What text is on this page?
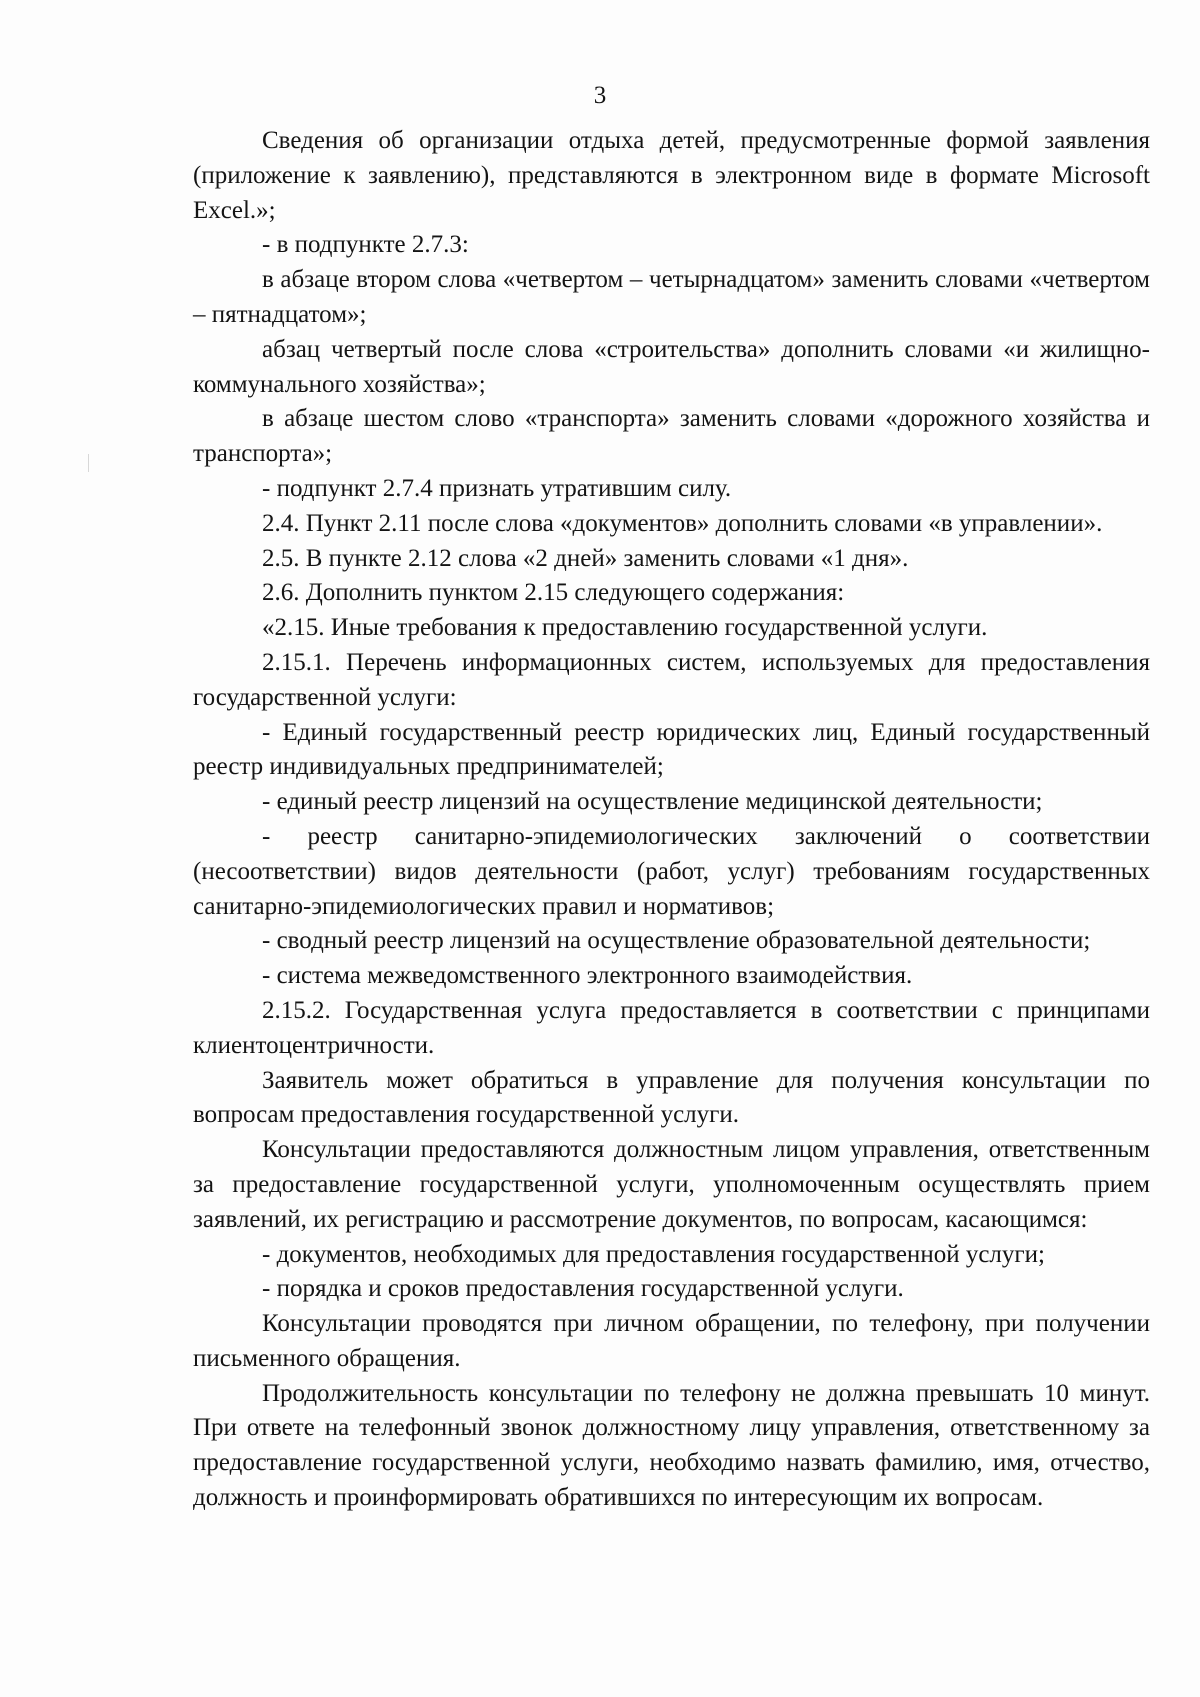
3

Сведения об организации отдыха детей, предусмотренные формой заявления (приложение к заявлению), представляются в электронном виде в формате Microsoft Excel.»;

- в подпункте 2.7.3:

в абзаце втором слова «четвертом – четырнадцатом» заменить словами «четвертом – пятнадцатом»;

абзац четвертый после слова «строительства» дополнить словами «и жилищно-коммунального хозяйства»;

в абзаце шестом слово «транспорта» заменить словами «дорожного хозяйства и транспорта»;

- подпункт 2.7.4 признать утратившим силу.

2.4. Пункт 2.11 после слова «документов» дополнить словами «в управлении».

2.5. В пункте 2.12 слова «2 дней» заменить словами «1 дня».

2.6. Дополнить пунктом 2.15 следующего содержания:

«2.15. Иные требования к предоставлению государственной услуги.

2.15.1. Перечень информационных систем, используемых для предоставления государственной услуги:

- Единый государственный реестр юридических лиц, Единый государственный реестр индивидуальных предпринимателей;

- единый реестр лицензий на осуществление медицинской деятельности;

- реестр санитарно-эпидемиологических заключений о соответствии (несоответствии) видов деятельности (работ, услуг) требованиям государственных санитарно-эпидемиологических правил и нормативов;

- сводный реестр лицензий на осуществление образовательной деятельности;

- система межведомственного электронного взаимодействия.

2.15.2. Государственная услуга предоставляется в соответствии с принципами клиентоцентричности.

Заявитель может обратиться в управление для получения консультации по вопросам предоставления государственной услуги.

Консультации предоставляются должностным лицом управления, ответственным за предоставление государственной услуги, уполномоченным осуществлять прием заявлений, их регистрацию и рассмотрение документов, по вопросам, касающимся:

- документов, необходимых для предоставления государственной услуги;

- порядка и сроков предоставления государственной услуги.

Консультации проводятся при личном обращении, по телефону, при получении письменного обращения.

Продолжительность консультации по телефону не должна превышать 10 минут. При ответе на телефонный звонок должностному лицу управления, ответственному за предоставление государственной услуги, необходимо назвать фамилию, имя, отчество, должность и проинформировать обратившихся по интересующим их вопросам.
